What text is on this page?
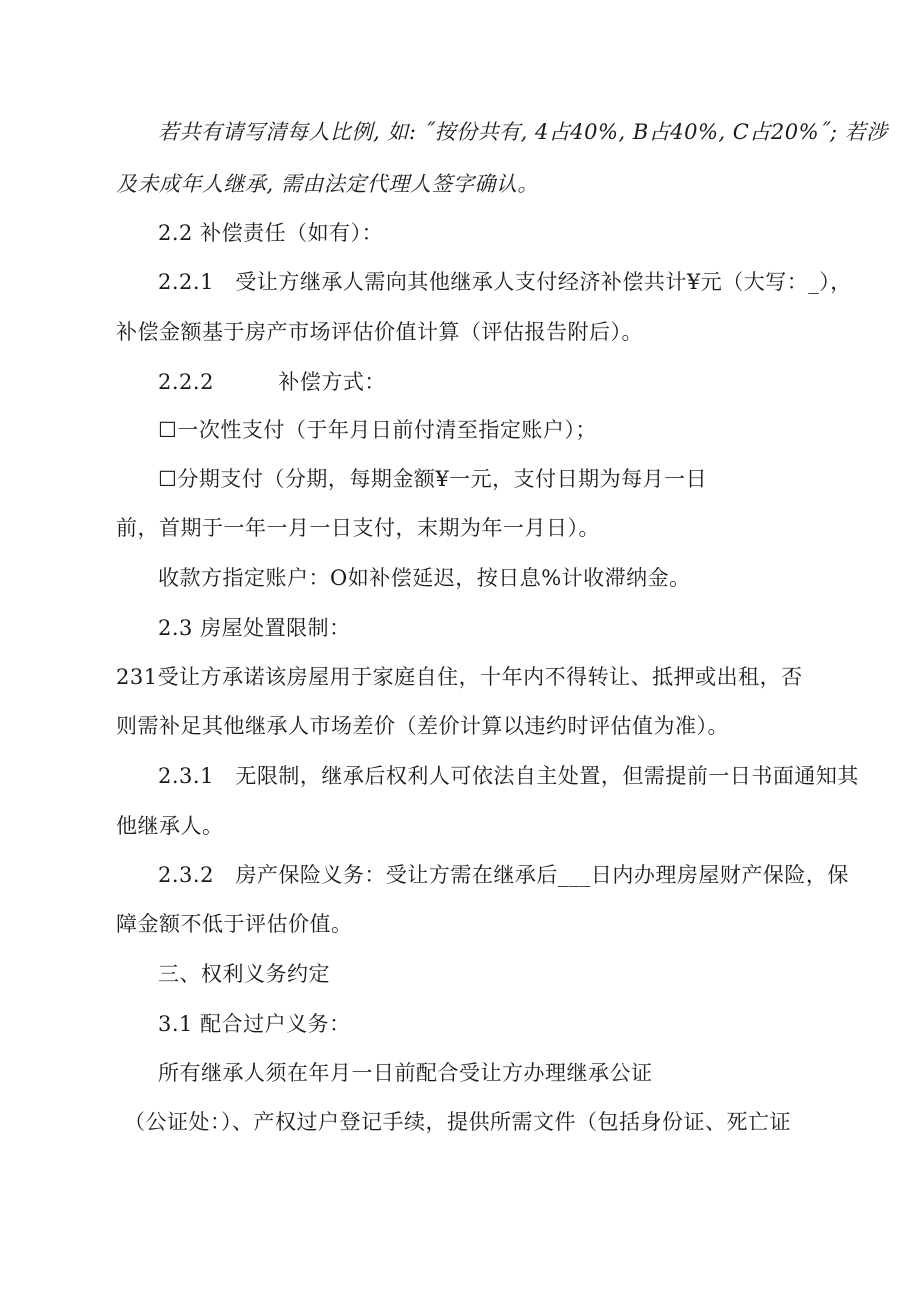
若共有请写清每人比例, 如: ˝按份共有, 4占40%, B占40%, C占20%˝; 若涉
及未成年人继承, 需由法定代理人签字确认。
2.2 补偿责任（如有）：
2.2.1　受让方继承人需向其他继承人支付经济补偿共计¥元（大写：_），
补偿金额基于房产市场评估价值计算（评估报告附后）。
2.2.2　　　补偿方式：
☐一次性支付（于年月日前付清至指定账户）；
☐分期支付（分期，每期金额¥一元，支付日期为每月一日
前，首期于一年一月一日支付，末期为年一月日）。
收款方指定账户：O如补偿延迟，按日息%计收滞纳金。
2.3 房屋处置限制：
231受让方承诺该房屋用于家庭自住，十年内不得转让、抵押或出租，否
则需补足其他继承人市场差价（差价计算以违约时评估值为准）。
2.3.1　无限制，继承后权利人可依法自主处置，但需提前一日书面通知其
他继承人。
2.3.2　房产保险义务：受让方需在继承后___日内办理房屋财产保险，保
障金额不低于评估价值。
三、权利义务约定
3.1 配合过户义务：
所有继承人须在年月一日前配合受让方办理继承公证
（公证处：）、产权过户登记手续，提供所需文件（包括身份证、死亡证
